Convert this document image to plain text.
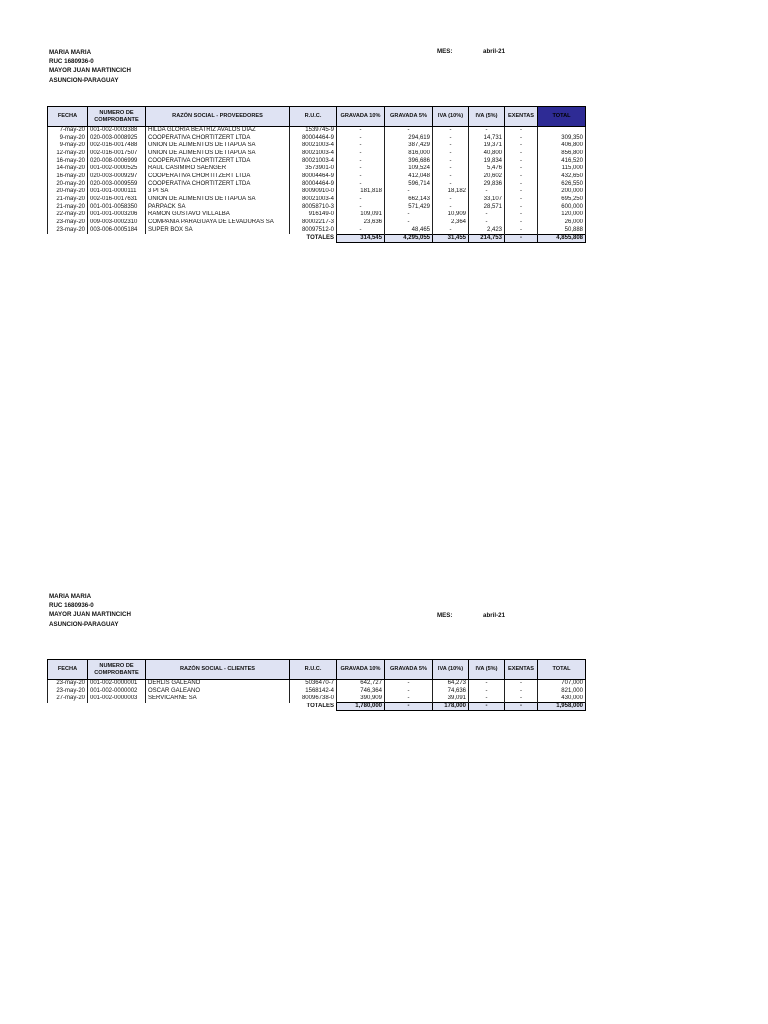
MARIA MARIA
RUC 1680936-0
MAYOR JUAN MARTINCICH
ASUNCION-PARAGUAY
MES:	abril-21
FECHA	NUMERO DE COMPROBANTE	RAZÓN SOCIAL - PROVEEDORES	R.U.C.	GRAVADA 10%	GRAVADA 5%	IVA (10%)	IVA (5%)	EXENTAS	TOTAL
7-may-20	001-002-0003388	HILDA GLORIA BEATRIZ AVALOS DIAZ	1539745-9	-	-	-	-	-	
9-may-20	020-003-0008925	COOPERATIVA CHORTITZERT LTDA	80004464-9	-	294,619	-	14,731	-	309,350
9-may-20	002-016-0017488	UNION DE ALIMENTOS DE ITAPUA SA	80021003-4	-	387,429	-	19,371	-	406,800
12-may-20	002-016-0017507	UNION DE ALIMENTOS DE ITAPUA SA	80021003-4	-	816,000	-	40,800	-	856,800
16-may-20	020-008-0006999	COOPERATIVA CHORTITZERT LTDA	80021003-4	-	396,686	-	19,834	-	416,520
14-may-20	001-002-0000525	RAUL CASIMIRO SAENGER	3573901-0	-	109,524	-	5,476	-	115,000
16-may-20	020-003-0009297	COOPERATIVA CHORTITZERT LTDA	80004464-9	-	412,048	-	20,602	-	432,650
20-may-20	020-003-0009559	COOPERATIVA CHORTITZERT LTDA	80004464-9	-	596,714	-	29,836	-	626,550
20-may-20	001-001-0000111	3 PI SA	80090910-0	181,818	-	18,182	-	-	200,000
21-may-20	002-016-0017631	UNION DE ALIMENTOS DE ITAPUA SA	80021003-4	-	662,143	-	33,107	-	695,250
21-may-20	001-001-0058350	PARPACK SA	80058710-3	-	571,429	-	28,571	-	600,000
22-may-20	001-001-0003206	RAMON GUSTAVO VILLALBA	916149-0	109,091	-	10,909	-	-	120,000
23-may-20	009-003-0002310	COMPAÑIA PARAGUAYA DE LEVADURAS SA	80002217-3	23,636	-	2,364	-	-	26,000
23-may-20	003-006-0005184	SUPER BOX SA	80097512-0	-	48,465	-	2,423	-	50,888
TOTALES				314,545	4,295,055	31,455	214,753	-	4,855,808
MARIA MARIA
RUC 1680936-0
MAYOR JUAN MARTINCICH
ASUNCION-PARAGUAY
MES:	abril-21
FECHA	NUMERO DE COMPROBANTE	RAZÓN SOCIAL - CLIENTES	R.U.C.	GRAVADA 10%	GRAVADA 5%	IVA (10%)	IVA (5%)	EXENTAS	TOTAL
23-may-20	001-002-0000001	DERLIS GALEANO	5036470-7	642,727	-	64,273	-	-	707,000
23-may-20	001-002-0000002	OSCAR GALEANO	1568142-4	746,364	-	74,636	-	-	821,000
27-may-20	001-002-0000003	SERVICARNE SA	80096738-0	390,909	-	39,091	-	-	430,000
TOTALES				1,780,000	-	178,000	-	-	1,958,000
